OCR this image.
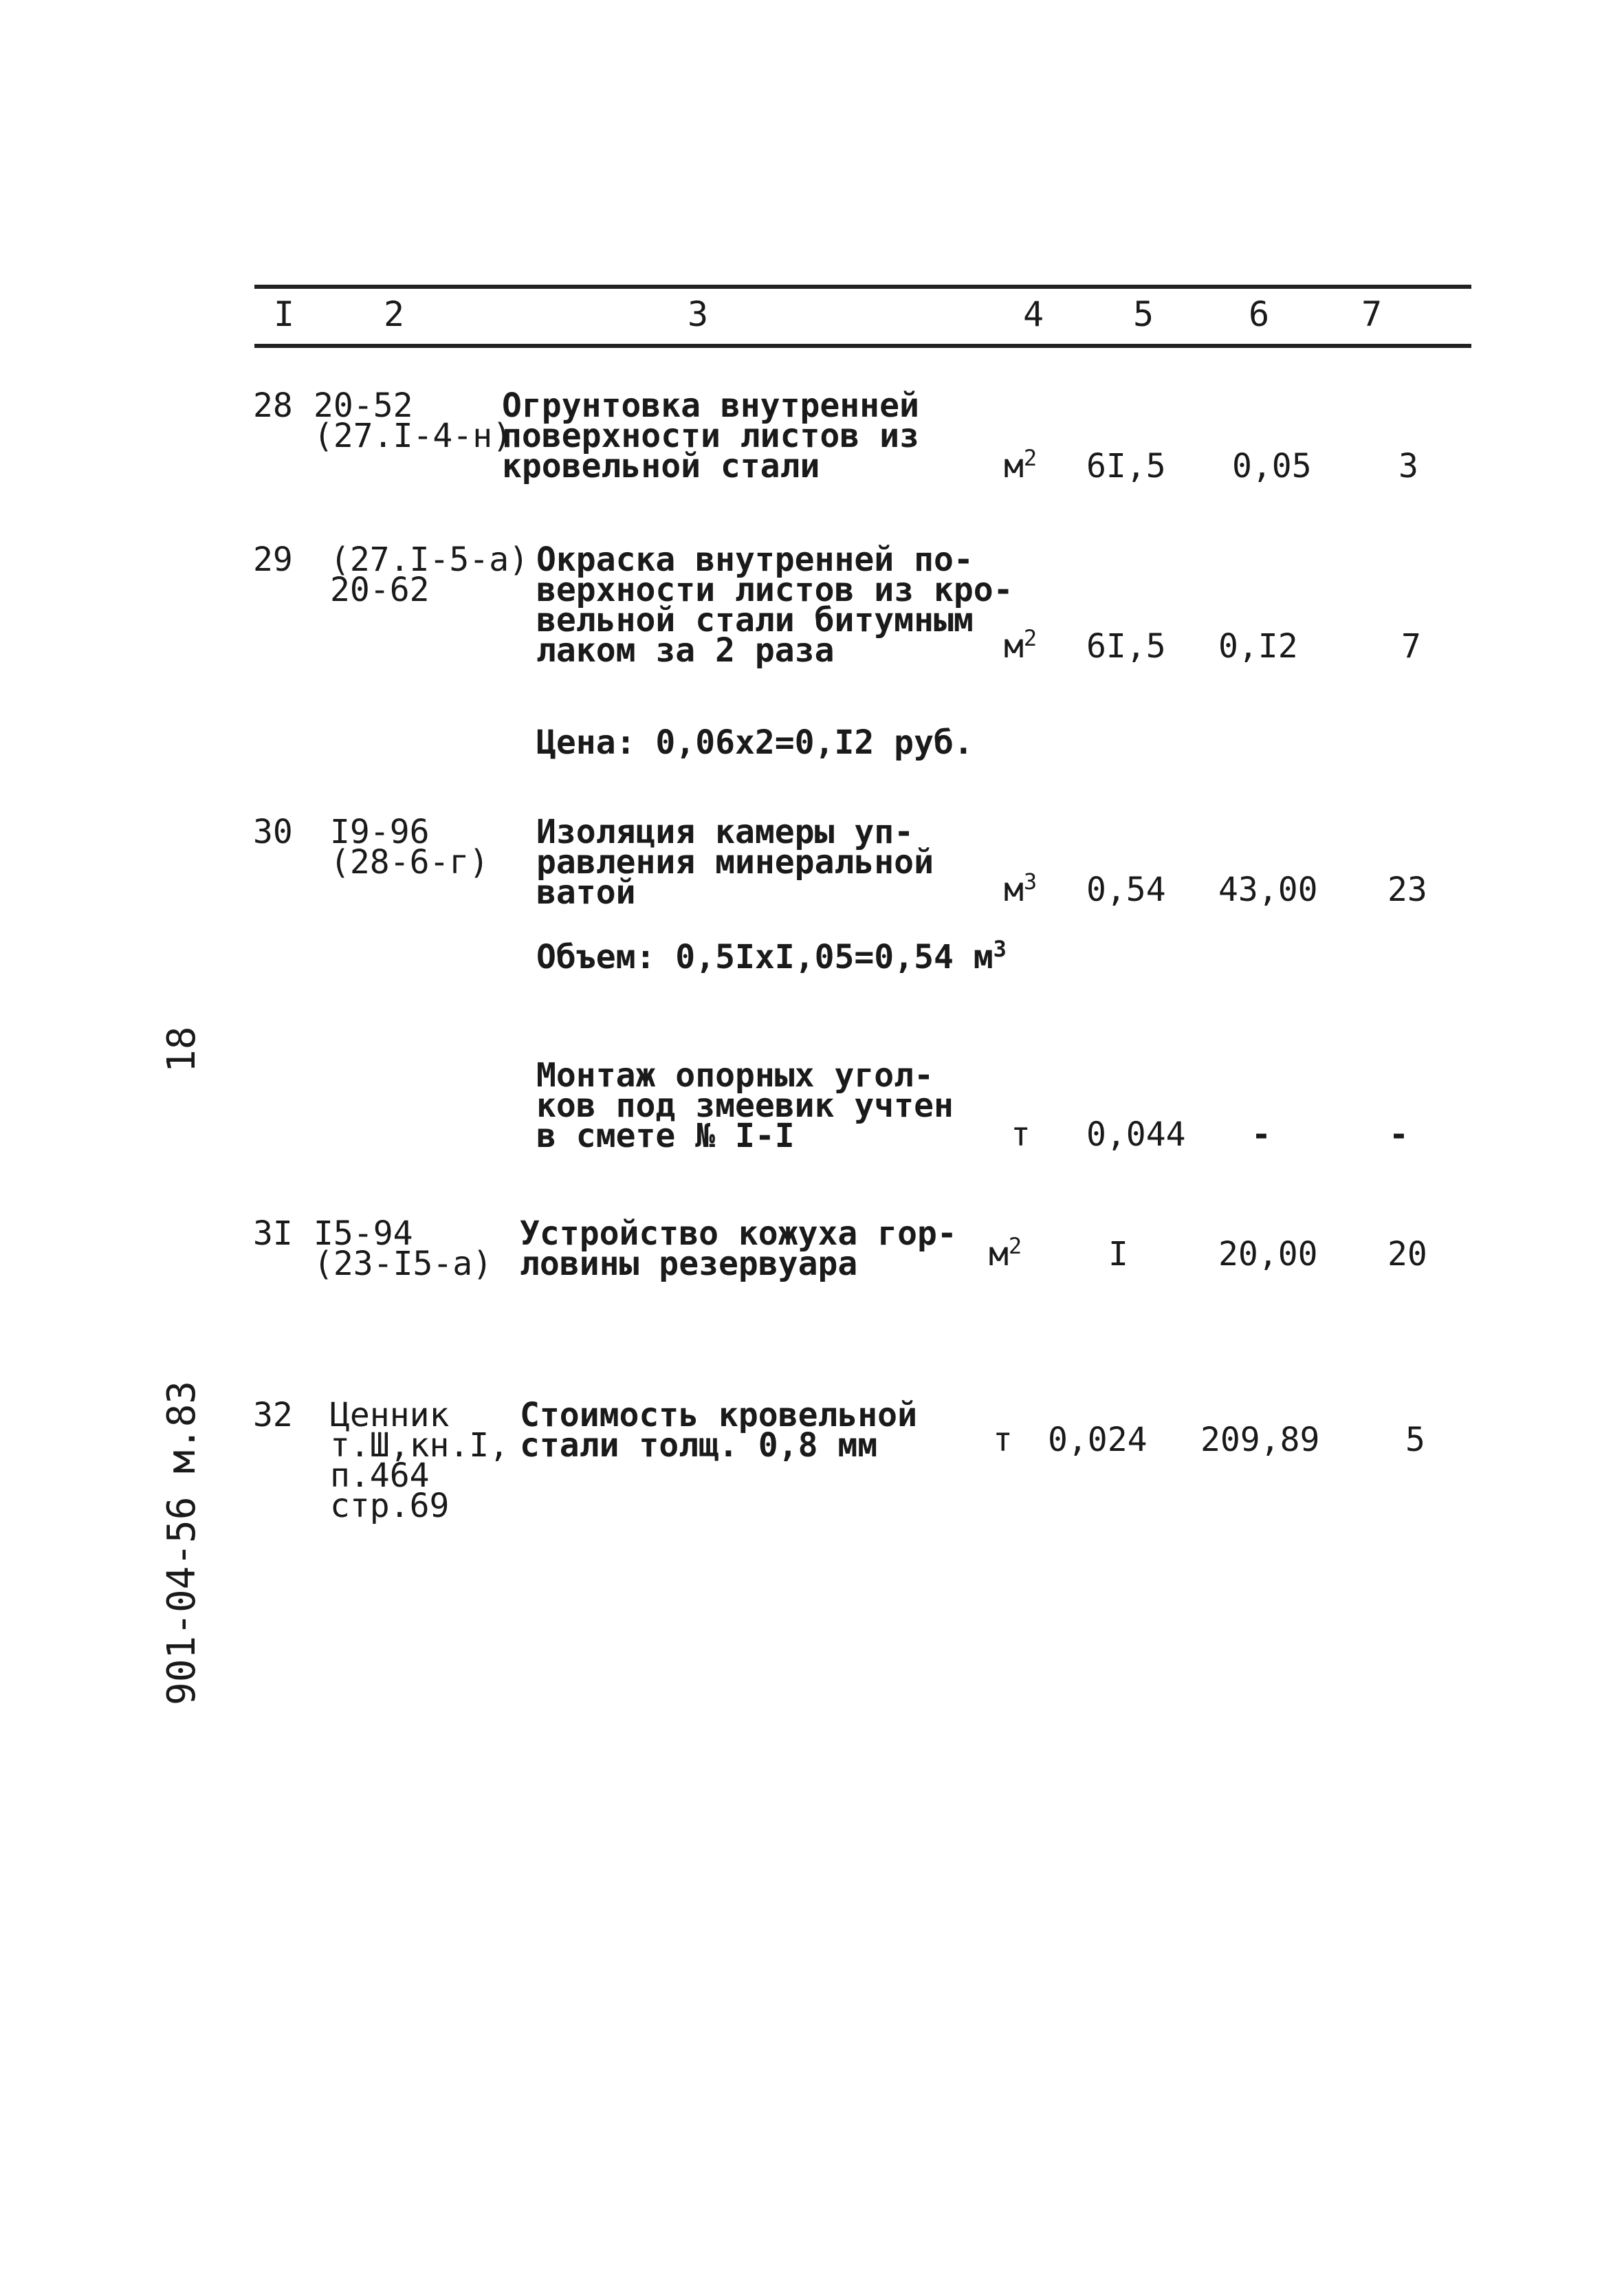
I	2	3	4	5	6	7
28 20-52
(27.I-4-н)
Огрунтовка внутренней
поверхности листов из
кровельной стали	$м^2$ 6I,5 0,05	3
29 (27.I-5-а)
20-62
Окраска внутренней по-
верхности листов из кро-
вельной стали битумным
лаком за 2 раза	$м^2$ 6I,5 0,I2	7
Цена: 0,06х2=0,I2 руб.
30 I9-96
(28-6-г)
Изоляция камеры уп-
равления минеральной
ватой	$м^3$ 0,54 43,00 23
Объем: 0,5IхI,05=0,54 $м^3$
Монтаж опорных угол-
ков под змеевик учтен
в смете № I-I	т 0,044 -	-
3I I5-94
(23-I5-а)
Устройство кожуха гор-
ловины резервуара	$м^2$	I	20,00 20
32 Ценник
т.Ш,кн.I,
п.464
стр.69
Стоимость кровельной
стали толщ. 0,8 мм	т 0,024 209,89	5
18
901-04-56 м.83
